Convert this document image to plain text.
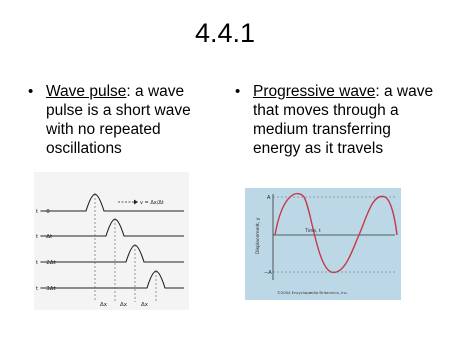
4.4.1
• Wave pulse: a wave pulse is a short wave with no repeated oscillations
• Progressive wave: a wave that moves through a medium transferring energy as it travels
v = Δx/Δt
t = 0
t = Δt
t = 2Δt
t = 3Δt
Δx Δx	Δx
A
−A
Displacement, y	Time, t
©2004 Encyclopædia Britannica, Inc.
